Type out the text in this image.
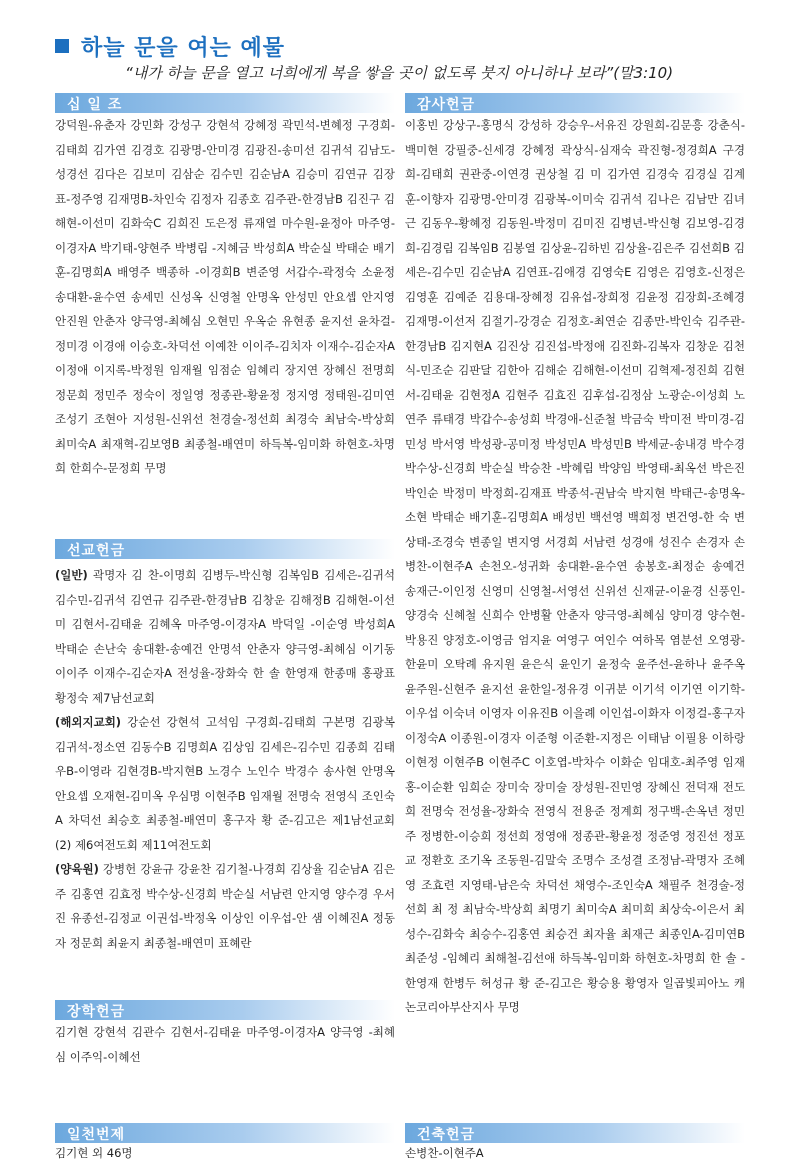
하늘 문을 여는 예물
“내가 하늘 문을 열고 너희에게 복을 쌓을 곳이 없도록 붓지 아니하나 보라”(말3:10)
십 일 조
강덕원-유춘자 강민화 강성구 강현석 강혜정 곽민석-변혜정 구경희-김태희 김가연 김경호 김광명-안미경 김광진-송미선 김귀석 김남도-성경선 김다은 김보미 김삼순 김수민 김순남A 김승미 김연규 김장표-정주영 김재명B-차인숙 김정자 김종호 김주관-한경남B 김진구 김해현-이선미 김화숙C 김희진 도은정 류재열 마수원-윤정아 마주영-이경자A 박기태-양현주 박병림 -지혜금 박성희A 박순실 박태순 배기훈-김명희A 배영주 백종하 -이경희B 변준영 서갑수-곽정숙 소윤정 송대환-윤수연 송세민 신성옥 신영철 안명옥 안성민 안요셉 안지영 안진원 안춘자 양극영-최혜심 오현민 우옥순 유현종 윤지선 윤차걸-정미경 이경애 이승호-차덕선 이예찬 이이주-김치자 이재수-김순자A 이정애 이지록-박정원 임재월 임점순 임혜리 장지연 장혜신 전명희 정문희 정민주 정숙이 정일영 정종관-황윤정 정지영 정태원-김미연 조성기 조현아 지성원-신위선 천경술-정선희 최경숙 최남숙-박상희 최미숙A 최재혁-김보영B 최종철-배연미 하득복-임미화 하현호-차명희 한희수-문정희 무명
선교헌금
(일반) 곽명자 김 찬-이명희 김병두-박신형 김복임B 김세은-김귀석 김수민-김귀석 김연규 김주관-한경남B 김창운 김해정B 김해현-이선미 김현서-김태윤 김혜옥 마주영-이경자A 박덕일 -이순영 박성희A 박태순 손난숙 송대환-송예건 안명석 안춘자 양극영-최혜심 이기동 이이주 이재수-김순자A 전성율-장화숙 한 솔 한영재 한종매 홍광표 황정숙 제7남선교회
(해외지교회) 강순선 강현석 고석임 구경희-김태희 구본명 김광복 김귀석-정소연 김동수B 김명희A 김상임 김세은-김수민 김종희 김태우B-이영라 김현경B-박지현B 노경수 노인수 박경수 송사현 안명옥 안요셉 오재현-김미옥 우심명 이현주B 임재월 전명숙 전영식 조인숙A 차덕선 최승호 최종철-배연미 홍구자 황 준-김고은 제1남선교회(2) 제6여전도회 제11여전도회
(양육원) 강병헌 강윤규 강윤찬 김기철-나경희 김상율 김순남A 김은주 김홍연 김효정 박수상-신경희 박순실 서남련 안지영 양수경 우서진 유종선-김정교 이권섭-박정옥 이상인 이우섭-안 샘 이혜진A 정동자 정문희 최윤지 최종철-배연미 표혜란
장학헌금
김기현 강현석 김관수 김현서-김태윤 마주영-이경자A 양극영 -최혜심 이주익-이혜선
일천번제
김기현 외 46명
감사헌금
이홍빈 강상구-홍명식 강성하 강승우-서유진 강원희-김문흥 강춘식-백미현 강필중-신세경 강혜정 곽상식-심재숙 곽진형-정경희A 구경희-김태희 권관중-이연경 권상철 김 미 김가연 김경숙 김경실 김계훈-이향자 김광명-안미경 김광복-이미숙 김귀석 김나은 김남만 김녀근 김동우-황혜정 김동원-박정미 김미진 김병년-박신형 김보영-김경희-김경림 김복임B 김봉열 김상윤-김하빈 김상율-김은주 김선희B 김세은-김수민 김순남A 김연표-김애경 김영숙E 김영은 김영호-신정은 김영훈 김예준 김용대-장혜정 김유섭-장희정 김윤정 김장희-조혜경 김재명-이선저 김절기-강경순 김정호-최연순 김종만-박인숙 김주관-한경남B 김지현A 김진상 김진섭-박정애 김진화-김복자 김창운 김천식-민조순 김판달 김한아 김해순 김해현-이선미 김혁제-정진희 김현서-김태윤 김현정A 김현주 김효진 김후섭-김정삼 노광순-이성희 노연주 류태경 박갑수-송성희 박경애-신준철 박금숙 박미전 박미경-김민성 박서영 박성광-공미정 박성민A 박성민B 박세균-송내경 박수경 박수상-신경희 박순실 박승찬 -박혜림 박양임 박영태-최옥선 박은진 박인순 박정미 박정희-김재표 박종석-권남숙 박지현 박태근-송명옥-소현 박태순 배기훈-김명희A 배성빈 백선영 백희정 변건영-한 숙 변상태-조경숙 변종일 변지영 서경희 서남련 성경애 성진수 손경자 손병찬-이현주A 손천오-성귀화 송대환-윤수연 송봉호-최정순 송예건 송재근-이인정 신영미 신영철-서영선 신위선 신재균-이윤경 신풍인-양경숙 신혜철 신희수 안병활 안춘자 양극영-최혜심 양미경 양수현-박용진 양정호-이영금 엄지윤 여영구 여인수 여하목 염분선 오영광-한윤미 오탁례 유지원 윤은식 윤인기 윤정숙 윤주선-윤하나 윤주옥 윤주원-신현주 윤지선 윤한일-정유경 이귀분 이기석 이기연 이기학-이우섭 이숙녀 이영자 이유진B 이을례 이인섭-이화자 이정걸-홍구자 이정숙A 이종원-이경자 이준형 이준환-지정은 이태남 이필용 이하랑 이현정 이현주B 이현주C 이호엽-박차수 이화순 임대호-최주영 임재홍-이순환 임희순 장미숙 장미술 장성원-진민영 장혜신 전덕재 전도희 전명숙 전성율-장화숙 전영식 전용준 정계희 정구백-손옥년 정민주 정병한-이승희 정선희 정영애 정종관-황윤정 정준영 정진선 정포교 정환호 조기옥 조동원-김말숙 조명수 조성결 조정남-곽명자 조혜영 조효련 지영태-남은숙 차덕선 채영수-조인숙A 채필주 천경술-정선희 최 정 최남숙-박상희 최명기 최미숙A 최미희 최상숙-이은서 최성수-김화숙 최승수-김홍연 최승건 최자율 최재근 최종인A-김미연B 최준성 -임혜리 최해철-김선애 하득복-임미화 하현호-차명희 한 솔 -한영재 한병두 허성규 황 준-김고은 황승용 황영자 일곱빛피아노 캐논코리아부산지사 무명
건축헌금
손병찬-이현주A
